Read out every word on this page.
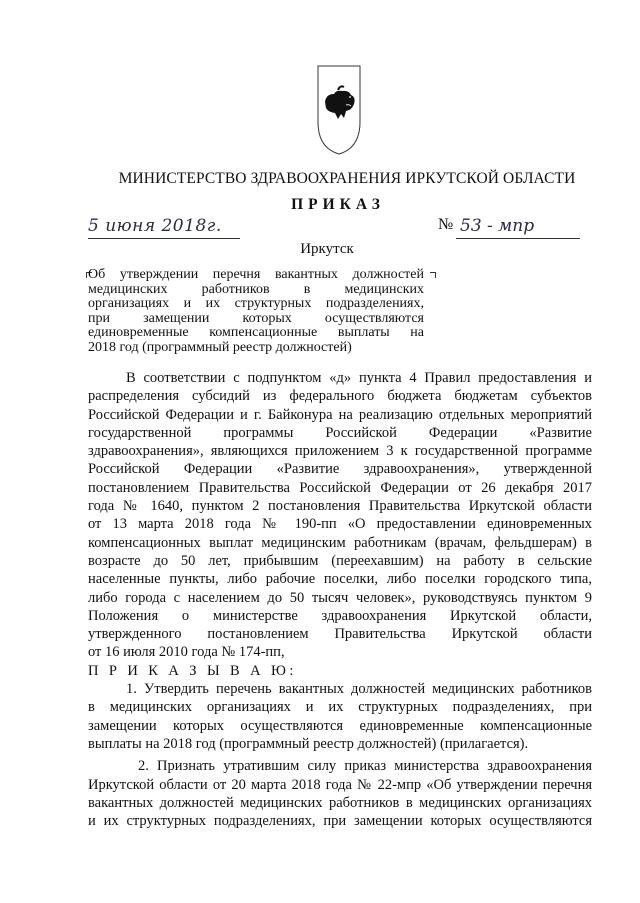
МИНИСТЕРСТВО ЗДРАВООХРАНЕНИЯ ИРКУТСКОЙ ОБЛАСТИ
ПРИКАЗ
5 июня 2018г.	№ 53 - мпр
Иркутск
Об утверждении перечня вакантных должностей
медицинских работников в медицинских
организациях и их структурных подразделениях,
при замещении которых осуществляются
единовременные компенсационные выплаты на
2018 год (программный реестр должностей)
В соответствии с подпунктом «д» пункта 4 Правил предоставления и
распределения субсидий из федерального бюджета бюджетам субъектов
Российской Федерации и г. Байконура на реализацию отдельных мероприятий
государственной программы Российской Федерации «Развитие
здравоохранения», являющихся приложением 3 к государственной программе
Российской Федерации «Развитие здравоохранения», утвержденной
постановлением Правительства Российской Федерации от 26 декабря 2017
года № 1640, пунктом 2 постановления Правительства Иркутской области
от 13 марта 2018 года № 190-пп «О предоставлении единовременных
компенсационных выплат медицинским работникам (врачам, фельдшерам) в
возрасте до 50 лет, прибывшим (переехавшим) на работу в сельские
населенные пункты, либо рабочие поселки, либо поселки городского типа,
либо города с населением до 50 тысяч человек», руководствуясь пунктом 9
Положения о министерстве здравоохранения Иркутской области,
утвержденного постановлением Правительства Иркутской области
от 16 июля 2010 года № 174-пп,
П Р И К А З Ы В А Ю:
1. Утвердить перечень вакантных должностей медицинских работников
в медицинских организациях и их структурных подразделениях, при
замещении которых осуществляются единовременные компенсационные
выплаты на 2018 год (программный реестр должностей) (прилагается).
2. Признать утратившим силу приказ министерства здравоохранения
Иркутской области от 20 марта 2018 года № 22-мпр «Об утверждении перечня
вакантных должностей медицинских работников в медицинских организациях
и их структурных подразделениях, при замещении которых осуществляются
